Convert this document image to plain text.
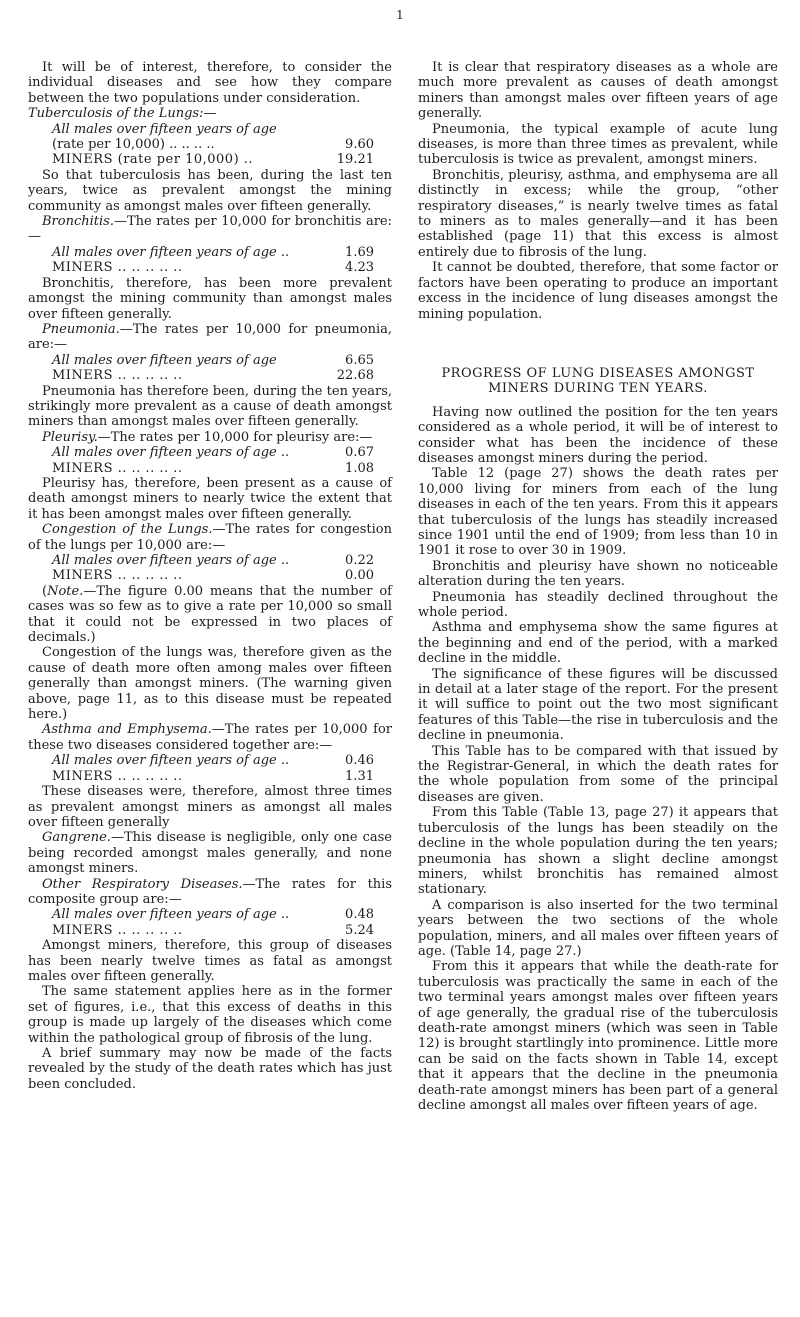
1

It will be of interest, therefore, to consider the individual diseases and see how they compare between the two populations under consideration.

Tuberculosis of the Lungs:—

All males over fifteen years of age
(rate per 10,000) .. .. .. ..	9.60
MINERS (rate per 10,000) ..	19.21

So that tuberculosis has been, during the last ten years, twice as prevalent amongst the mining community as amongst males over fifteen generally.

Bronchitis.—The rates per 10,000 for bronchitis are:—

All males over fifteen years of age ..	1.69
MINERS .. .. .. .. ..	4.23

Bronchitis, therefore, has been more prevalent amongst the mining community than amongst males over fifteen generally.

Pneumonia.—The rates per 10,000 for pneumonia, are:—

All males over fifteen years of age	6.65
MINERS .. .. .. .. ..	22.68

Pneumonia has therefore been, during the ten years, strikingly more prevalent as a cause of death amongst miners than amongst males over fifteen generally.

Pleurisy.—The rates per 10,000 for pleurisy are:—

All males over fifteen years of age ..	0.67
MINERS .. .. .. .. ..	1.08

Pleurisy has, therefore, been present as a cause of death amongst miners to nearly twice the extent that it has been amongst males over fifteen generally.

Congestion of the Lungs.—The rates for congestion of the lungs per 10,000 are:—

All males over fifteen years of age ..	0.22
MINERS .. .. .. .. ..	0.00

(Note.—The figure 0.00 means that the number of cases was so few as to give a rate per 10,000 so small that it could not be expressed in two places of decimals.)

Congestion of the lungs was, therefore given as the cause of death more often among males over fifteen generally than amongst miners. (The warning given above, page 11, as to this disease must be repeated here.)

Asthma and Emphysema.—The rates per 10,000 for these two diseases considered together are:—

All males over fifteen years of age ..	0.46
MINERS .. .. .. .. ..	1.31

These diseases were, therefore, almost three times as prevalent amongst miners as amongst all males over fifteen generally

Gangrene.—This disease is negligible, only one case being recorded amongst males generally, and none amongst miners.

Other Respiratory Diseases.—The rates for this composite group are:—

All males over fifteen years of age ..	0.48
MINERS .. .. .. .. ..	5.24

Amongst miners, therefore, this group of diseases has been nearly twelve times as fatal as amongst males over fifteen generally.

The same statement applies here as in the former set of figures, i.e., that this excess of deaths in this group is made up largely of the diseases which come within the pathological group of fibrosis of the lung.

A brief summary may now be made of the facts revealed by the study of the death rates which has just been concluded.

It is clear that respiratory diseases as a whole are much more prevalent as causes of death amongst miners than amongst males over fifteen years of age generally.

Pneumonia, the typical example of acute lung diseases, is more than three times as prevalent, while tuberculosis is twice as prevalent, amongst miners.

Bronchitis, pleurisy, asthma, and emphysema are all distinctly in excess; while the group, “other respiratory diseases,” is nearly twelve times as fatal to miners as to males generally—and it has been established (page 11) that this excess is almost entirely due to fibrosis of the lung.

It cannot be doubted, therefore, that some factor or factors have been operating to produce an important excess in the incidence of lung diseases amongst the mining population.

PROGRESS OF LUNG DISEASES AMONGST MINERS DURING TEN YEARS.

Having now outlined the position for the ten years considered as a whole period, it will be of interest to consider what has been the incidence of these diseases amongst miners during the period.

Table 12 (page 27) shows the death rates per 10,000 living for miners from each of the lung diseases in each of the ten years. From this it appears that tuberculosis of the lungs has steadily increased since 1901 until the end of 1909; from less than 10 in 1901 it rose to over 30 in 1909.

Bronchitis and pleurisy have shown no noticeable alteration during the ten years.

Pneumonia has steadily declined throughout the whole period.

Asthma and emphysema show the same figures at the beginning and end of the period, with a marked decline in the middle.

The significance of these figures will be discussed in detail at a later stage of the report. For the present it will suffice to point out the two most significant features of this Table—the rise in tuberculosis and the decline in pneumonia.

This Table has to be compared with that issued by the Registrar-General, in which the death rates for the whole population from some of the principal diseases are given.

From this Table (Table 13, page 27) it appears that tuberculosis of the lungs has been steadily on the decline in the whole population during the ten years; pneumonia has shown a slight decline amongst miners, whilst bronchitis has remained almost stationary.

A comparison is also inserted for the two terminal years between the two sections of the whole population, miners, and all males over fifteen years of age. (Table 14, page 27.)

From this it appears that while the death-rate for tuberculosis was practically the same in each of the two terminal years amongst males over fifteen years of age generally, the gradual rise of the tuberculosis death-rate amongst miners (which was seen in Table 12) is brought startlingly into prominence. Little more can be said on the facts shown in Table 14, except that it appears that the decline in the pneumonia death-rate amongst miners has been part of a general decline amongst all males over fifteen years of age.
